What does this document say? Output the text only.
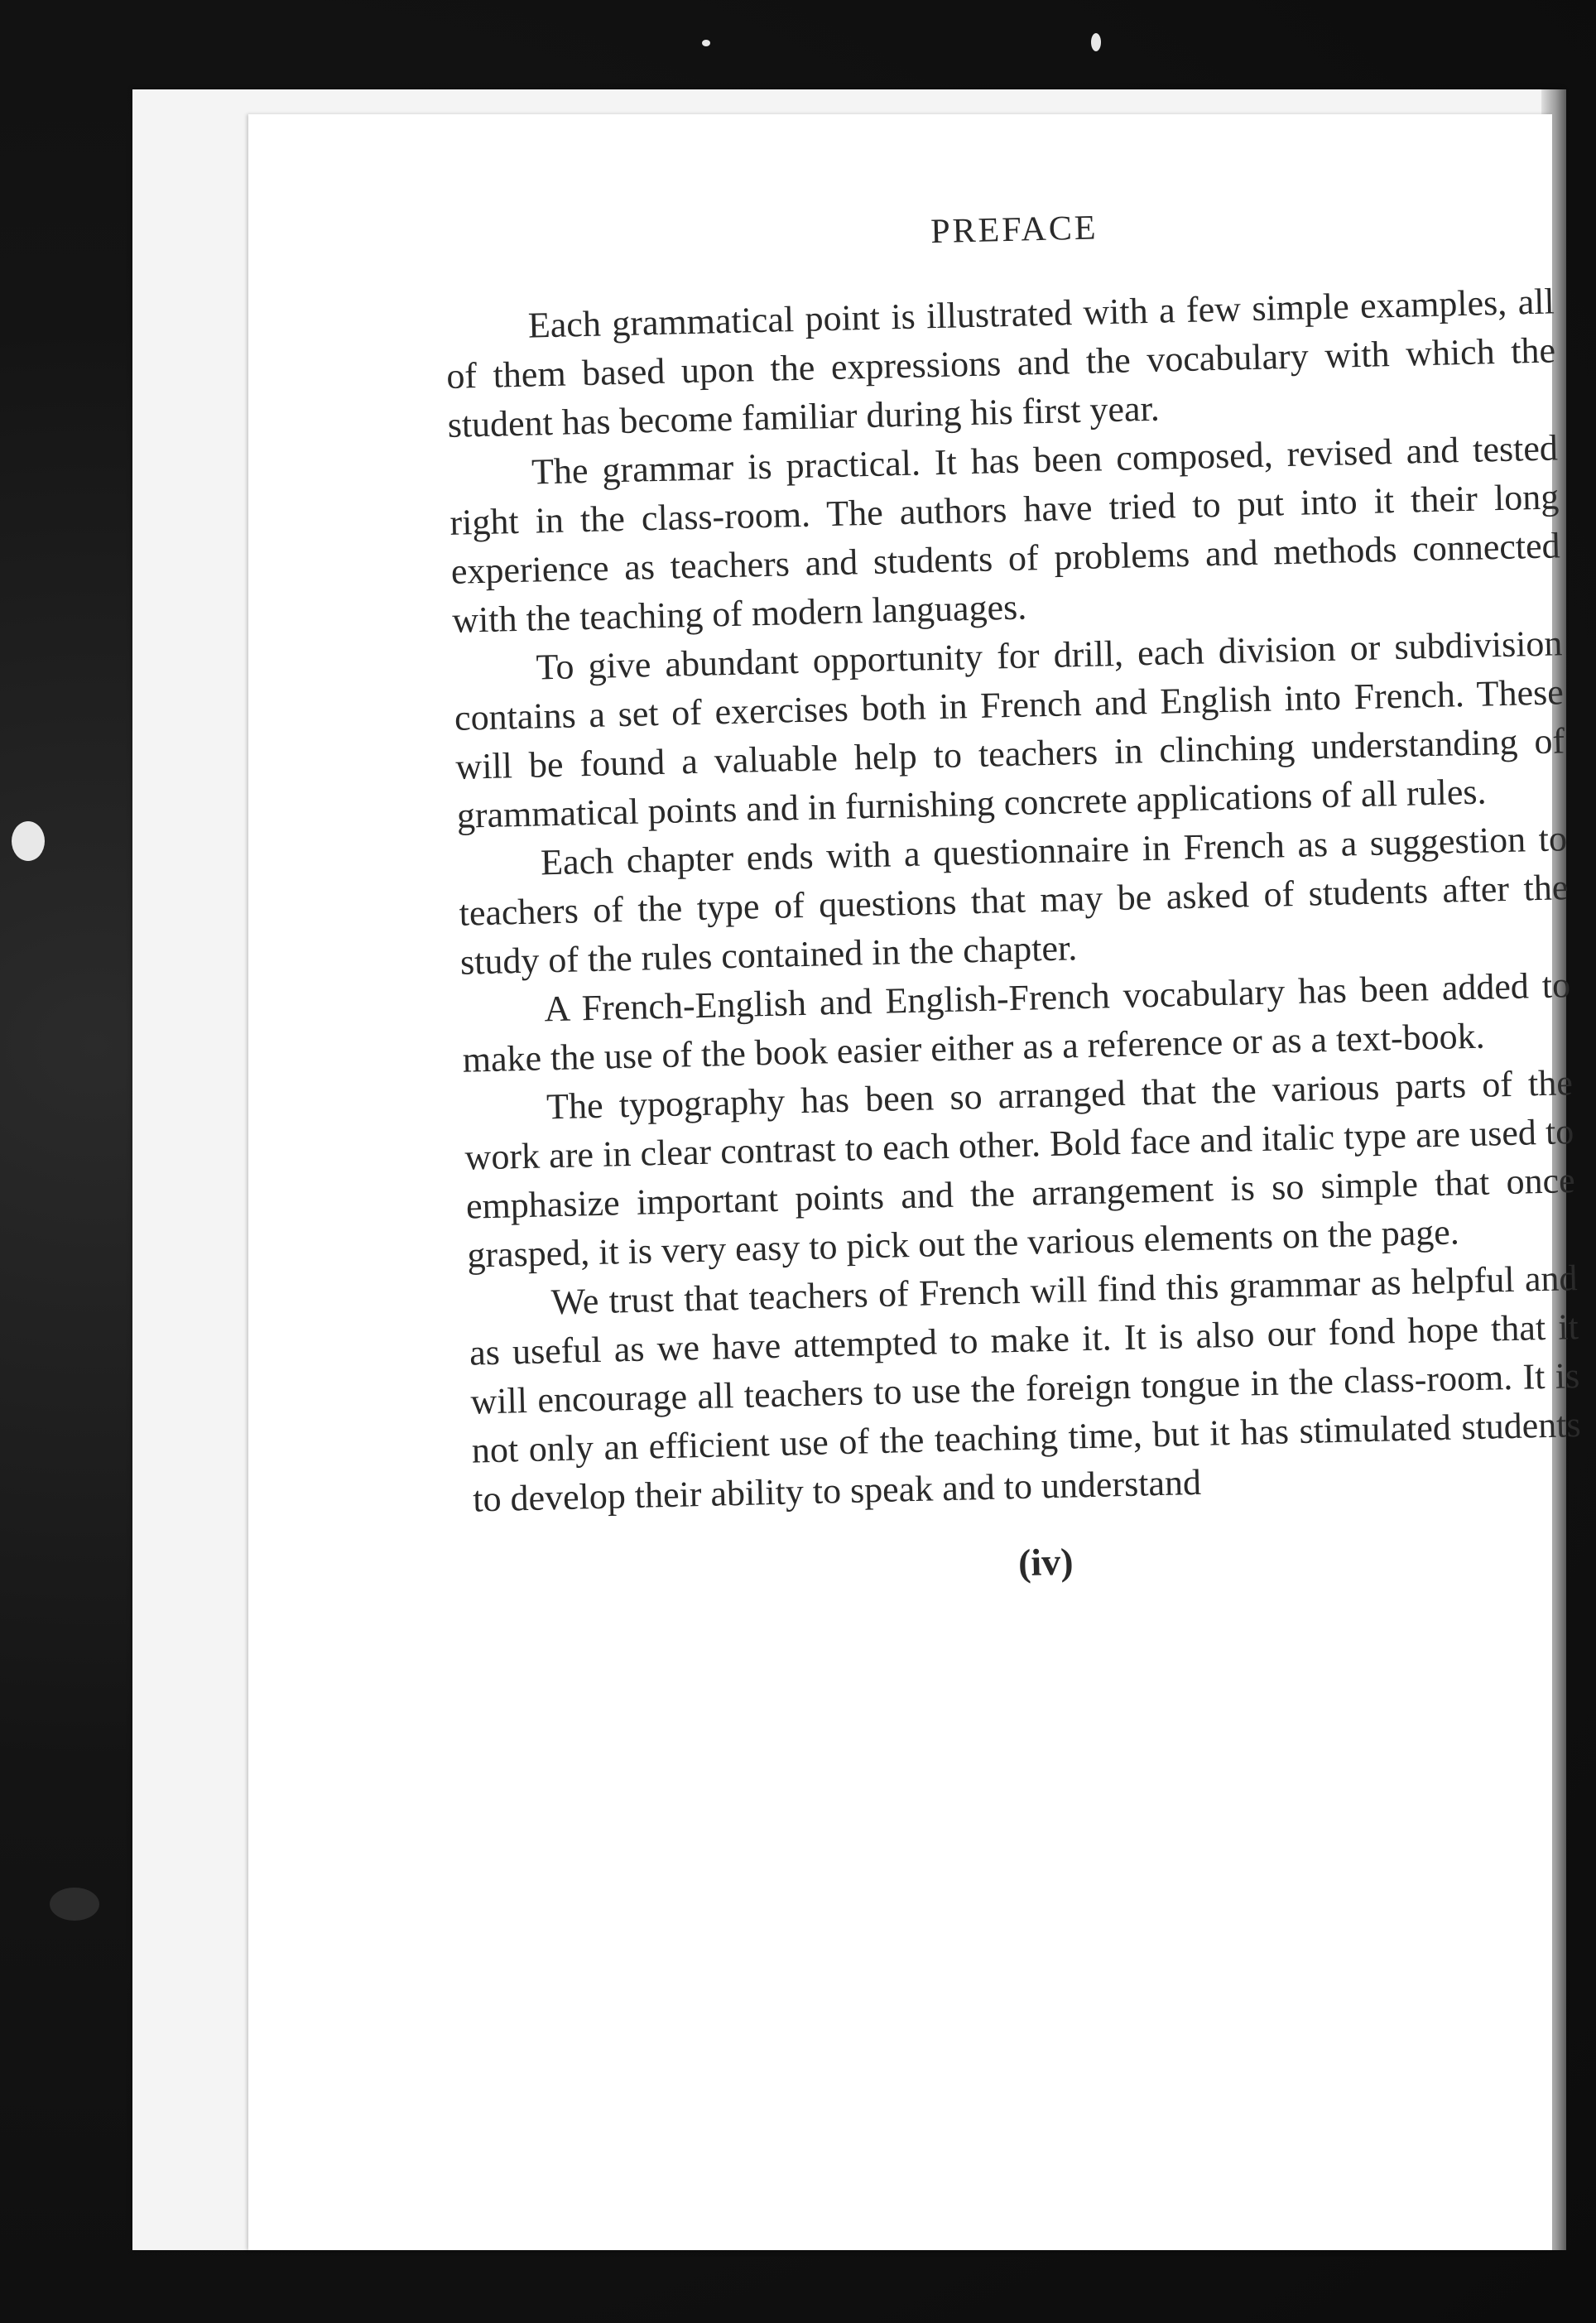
PREFACE

Each grammatical point is illustrated with a few simple examples, all of them based upon the expressions and the vocabulary with which the student has become familiar during his first year.

The grammar is practical. It has been composed, revised and tested right in the class-room. The authors have tried to put into it their long experience as teachers and students of problems and methods connected with the teaching of modern languages.

To give abundant opportunity for drill, each division or subdivision contains a set of exercises both in French and English into French. These will be found a valuable help to teachers in clinching understanding of grammatical points and in furnishing concrete applications of all rules.

Each chapter ends with a questionnaire in French as a suggestion to teachers of the type of questions that may be asked of students after the study of the rules contained in the chapter.

A French-English and English-French vocabulary has been added to make the use of the book easier either as a reference or as a text-book.

The typography has been so arranged that the various parts of the work are in clear contrast to each other. Bold face and italic type are used to emphasize important points and the arrangement is so simple that once grasped, it is very easy to pick out the various elements on the page.

We trust that teachers of French will find this grammar as helpful and as useful as we have attempted to make it. It is also our fond hope that it will encourage all teachers to use the foreign tongue in the class-room. It is not only an efficient use of the teaching time, but it has stimulated students to develop their ability to speak and to understand

(iv)
